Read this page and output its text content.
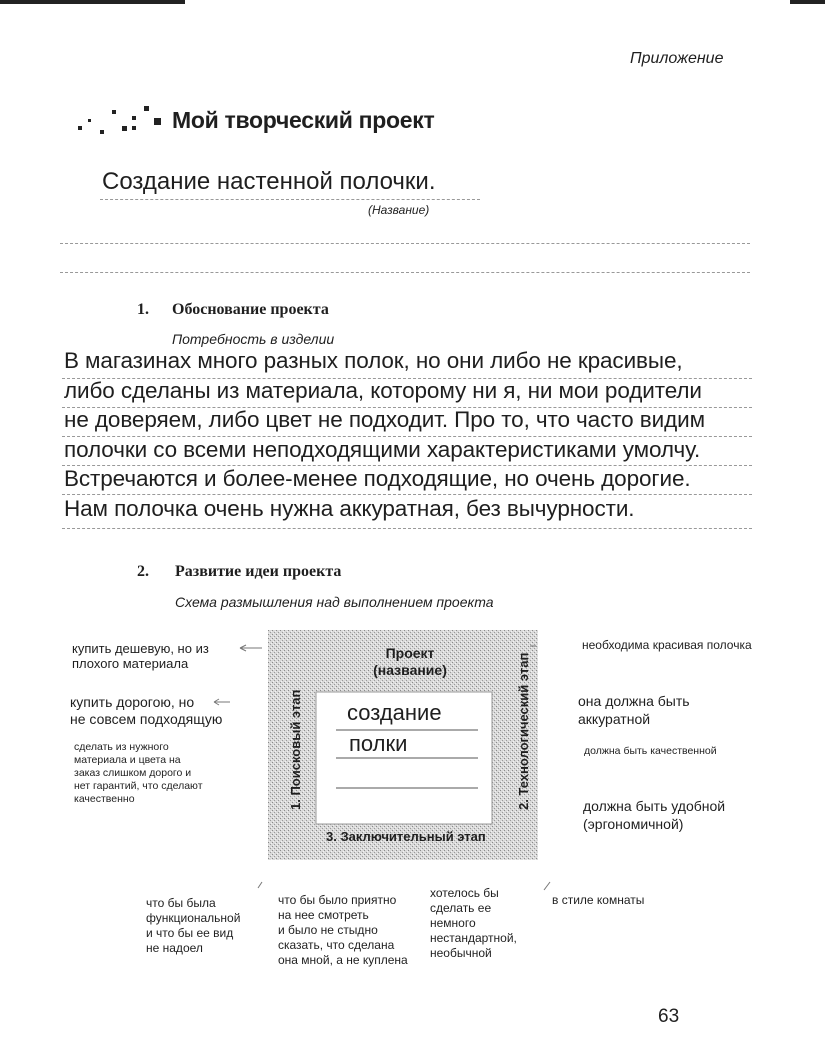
Приложение
Мой творческий проект
Создание настенной полочки.
(Название)
1. Обоснование проекта
Потребность в изделии

В магазинах много разных полок, но они либо не красивые,

либо сделаны из материала, которому ни я, ни мои родители

не доверяем, либо цвет не подходит. Про то, что часто видим

полочки со всеми неподходящими характеристиками умолчу.

Встречаются и более-менее подходящие, но очень дорогие.

Нам полочка очень нужна аккуратная, без вычурности.

2. Развитие идеи проекта
Схема размышления над выполнением проекта
Проект
(название)
создание
полки
1. Поисковый этап	2. Технологический этап
3. Заключительный этап
купить дешевую, но из
плохого материала
купить дорогою, но
не совсем подходящую
сделать из нужного
материала и цвета на
заказ слишком дорого и
нет гарантий, что сделают
качественно
необходима красивая полочка
она должна быть
аккуратной
должна быть качественной
должна быть удобной
(эргономичной)
что бы была
функциональной
и что бы ее вид
не надоел
что бы было приятно
на нее смотреть
и было не стыдно
сказать, что сделана
она мной, а не куплена
хотелось бы
сделать ее
немного
нестандартной,
необычной
в стиле комнаты
63
